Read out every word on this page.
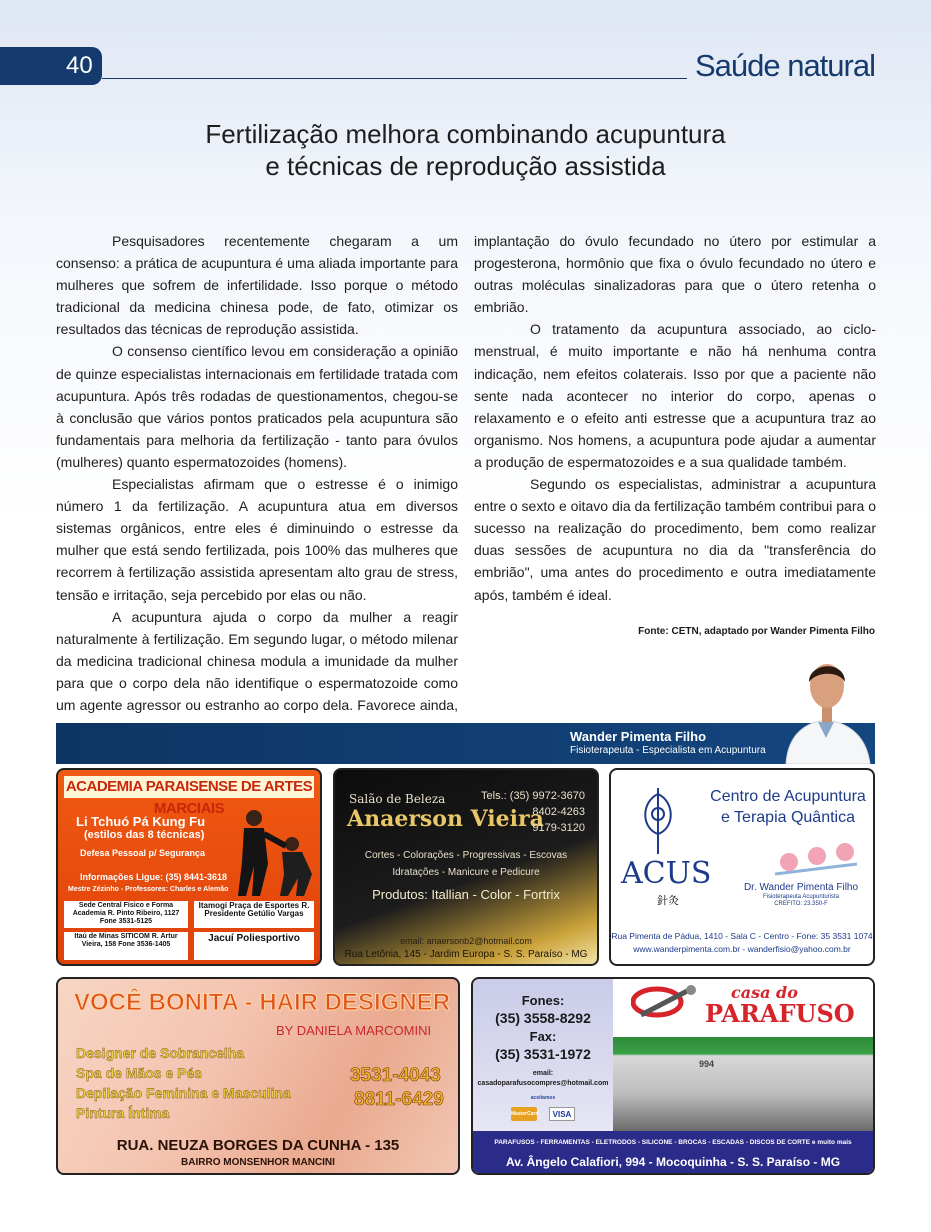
40	Saúde natural
Fertilização melhora combinando acupuntura
e técnicas de reprodução assistida

Pesquisadores recentemente chegaram a um consenso: a prática de acupuntura é uma aliada importante para mulheres que sofrem de infertilidade. Isso porque o método tradicional da medicina chinesa pode, de fato, otimizar os resultados das técnicas de reprodução assistida.

O consenso científico levou em consideração a opinião de quinze especialistas internacionais em fertilidade tratada com acupuntura. Após três rodadas de questionamentos, chegou-se à conclusão que vários pontos praticados pela acupuntura são fundamentais para melhoria da fertilização - tanto para óvulos (mulheres) quanto espermatozoides (homens).

Especialistas afirmam que o estresse é o inimigo número 1 da fertilização. A acupuntura atua em diversos sistemas orgânicos, entre eles é diminuindo o estresse da mulher que está sendo fertilizada, pois 100% das mulheres que recorrem à fertilização assistida apresentam alto grau de stress, tensão e irritação, seja percebido por elas ou não.

A acupuntura ajuda o corpo da mulher a reagir naturalmente à fertilização. Em segundo lugar, o método milenar da medicina tradicional chinesa modula a imunidade da mulher para que o corpo dela não identifique o espermatozoide como um agente agressor ou estranho ao corpo dela. Favorece ainda,

implantação do óvulo fecundado no útero por estimular a progesterona, hormônio que fixa o óvulo fecundado no útero e outras moléculas sinalizadoras para que o útero retenha o embrião.

O tratamento da acupuntura associado, ao ciclo-menstrual, é muito importante e não há nenhuma contra indicação, nem efeitos colaterais. Isso por que a paciente não sente nada acontecer no interior do corpo, apenas o relaxamento e o efeito anti estresse que a acupuntura traz ao organismo. Nos homens, a acupuntura pode ajudar a aumentar a produção de espermatozoides e a sua qualidade também.

Segundo os especialistas, administrar a acupuntura entre o sexto e oitavo dia da fertilização também contribui para o sucesso na realização do procedimento, bem como realizar duas sessões de acupuntura no dia da "transferência do embrião", uma antes do procedimento e outra imediatamente após, também é ideal.

Fonte: CETN, adaptado por Wander Pimenta Filho
Wander Pimenta Filho
Fisioterapeuta - Especialista em Acupuntura
ACADEMIA PARAISENSE DE ARTES MARCIAIS
Li Tchuó Pá Kung Fu
(estilos das 8 técnicas)
Defesa Pessoal p/ Segurança
Informações Ligue: (35) 8441-3618
Mestre Zézinho - Professores: Charles e Alemão
Sede Central Físico e Forma Academia R. Pinto Ribeiro, 1127 Fone 3531-5125
Itamogi Praça de Esportes R. Presidente Getúlio Vargas
Itaú de Minas SITICOM R. Artur Vieira, 158 Fone 3536-1405
Jacuí Poliesportivo
Salão de Beleza
Anaerson Vieira
Tels.: (35) 9972-3670
8402-4263
9179-3120
Cortes - Colorações - Progressivas - Escovas
Idratações - Manicure e Pedicure
Produtos: Itallian - Color - Fortrix
email: anaersonb2@hotmail.com
Rua Letônia, 145 - Jardim Europa - S. S. Paraíso - MG
Centro de Acupuntura
e Terapia Quântica
ACUS
針灸
Dr. Wander Pimenta Filho
Fisioterapeuta Acupunturista
CREFITO: 23.350-F
Rua Pimenta de Pádua, 1410 - Sala C - Centro - Fone: 35 3531 1074
www.wanderpimenta.com.br - wanderfisio@yahoo.com.br
VOCÊ BONITA - HAIR DESIGNER
BY DANIELA MARCOMINI
Designer de Sobrancelha
Spa de Mãos e Pés
Depilação Feminina e Masculina
Pintura Íntima
3531-4043
8811-6429
RUA. NEUZA BORGES DA CUNHA - 135
BAIRRO MONSENHOR MANCINI
Fones:
(35) 3558-8292
Fax:
(35) 3531-1972
email:
casadoparafusocompres@hotmail.com
aceitamos
MasterCard	VISA
casa do
PARAFUSO
994
PARAFUSOS - FERRAMENTAS - ELETRODOS - SILICONE - BROCAS - ESCADAS - DISCOS DE CORTE e muito mais
Av. Ângelo Calafiori, 994 - Mocoquinha - S. S. Paraíso - MG
